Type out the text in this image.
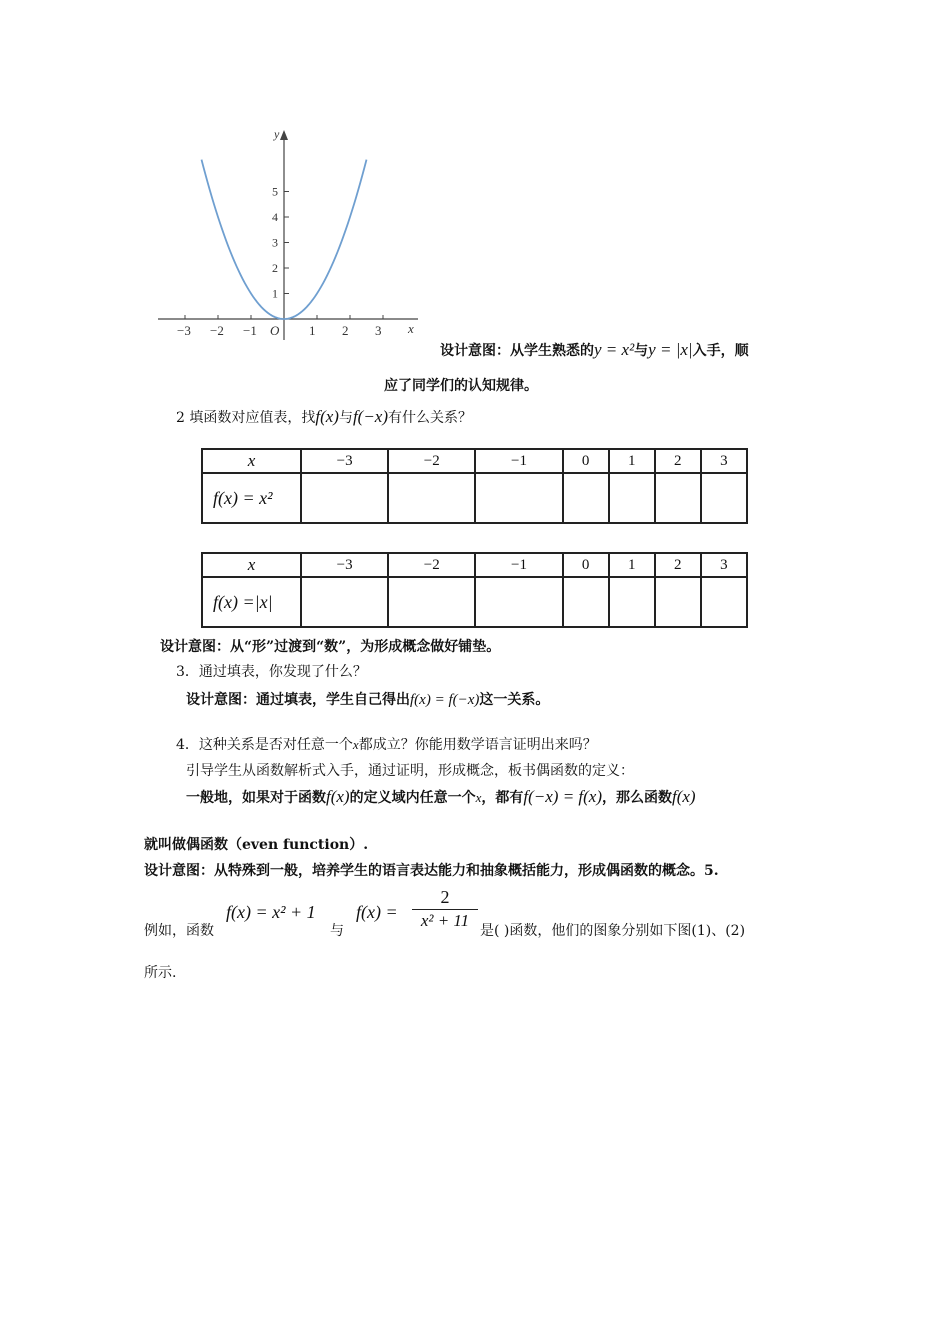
y
x
O
−3 −2 −1	1 2 3
1
2
3
4
5
设计意图：从学生熟悉的y = x²与y = |x|入手，顺
应了同学们的认知规律。
2 填函数对应值表，找f(x)与f(−x)有什么关系？
x	−3	−2	−1	0	1	2	3
f(x) = x²							
x	−3	−2	−1	0	1	2	3
f(x) =|x|							
设计意图：从“形”过渡到“数”，为形成概念做好铺垫。
3．通过填表，你发现了什么？
设计意图：通过填表，学生自己得出f(x) = f(−x)这一关系。
4．这种关系是否对任意一个x都成立？你能用数学语言证明出来吗？
引导学生从函数解析式入手，通过证明，形成概念，板书偶函数的定义：
一般地，如果对于函数f(x)的定义域内任意一个x，都有f(−x) = f(x)，那么函数f(x)
就叫做偶函数（even function）.
设计意图：从特殊到一般，培养学生的语言表达能力和抽象概括能力，形成偶函数的概念。5.
例如，函数
f(x) = x² + 1
与
f(x) =
2
x² + 11
是( )函数，他们的图象分别如下图(1)、(2)
所示.
